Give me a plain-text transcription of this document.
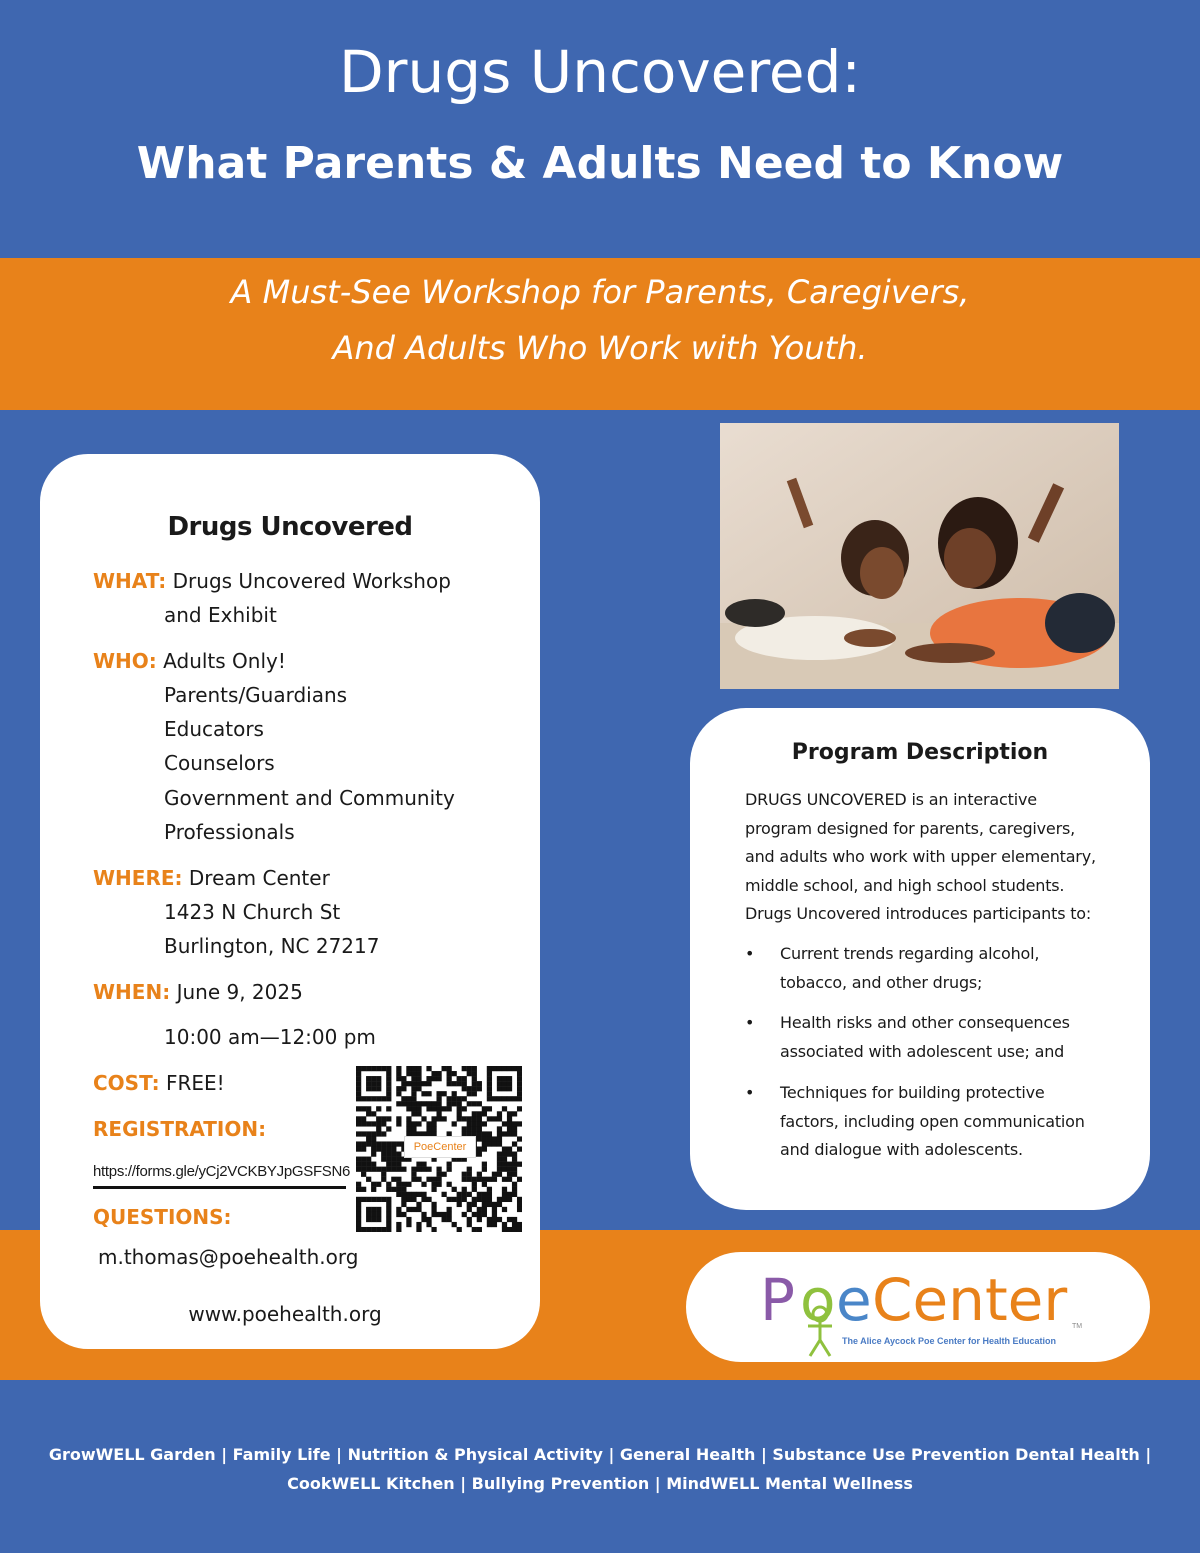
Drugs Uncovered:
What Parents & Adults Need to Know
A Must-See Workshop for Parents, Caregivers,
And Adults Who Work with Youth.
Drugs Uncovered
WHAT: Drugs Uncovered Workshop
and Exhibit
WHO: Adults Only!
Parents/Guardians
Educators
Counselors
Government and Community
Professionals
WHERE: Dream Center
1423 N Church St
Burlington, NC 27217
WHEN: June 9, 2025
10:00 am—12:00 pm
COST: FREE!
REGISTRATION:
https://forms.gle/yCj2VCKBYJpGSFSN6
QUESTIONS:
m.thomas@poehealth.org
www.poehealth.org
PoeCenter
Program Description
DRUGS UNCOVERED is an interactive
program designed for parents, caregivers,
and adults who work with upper elementary,
middle school, and high school students.
Drugs Uncovered introduces participants to:
•	Current trends regarding alcohol,
tobacco, and other drugs;
•	Health risks and other consequences
associated with adolescent use; and
•	Techniques for building protective
factors, including open communication
and dialogue with adolescents.
P o e Center TM
The Alice Aycock Poe Center for Health Education
GrowWELL Garden | Family Life | Nutrition & Physical Activity | General Health | Substance Use Prevention Dental Health |
CookWELL Kitchen | Bullying Prevention | MindWELL Mental Wellness
